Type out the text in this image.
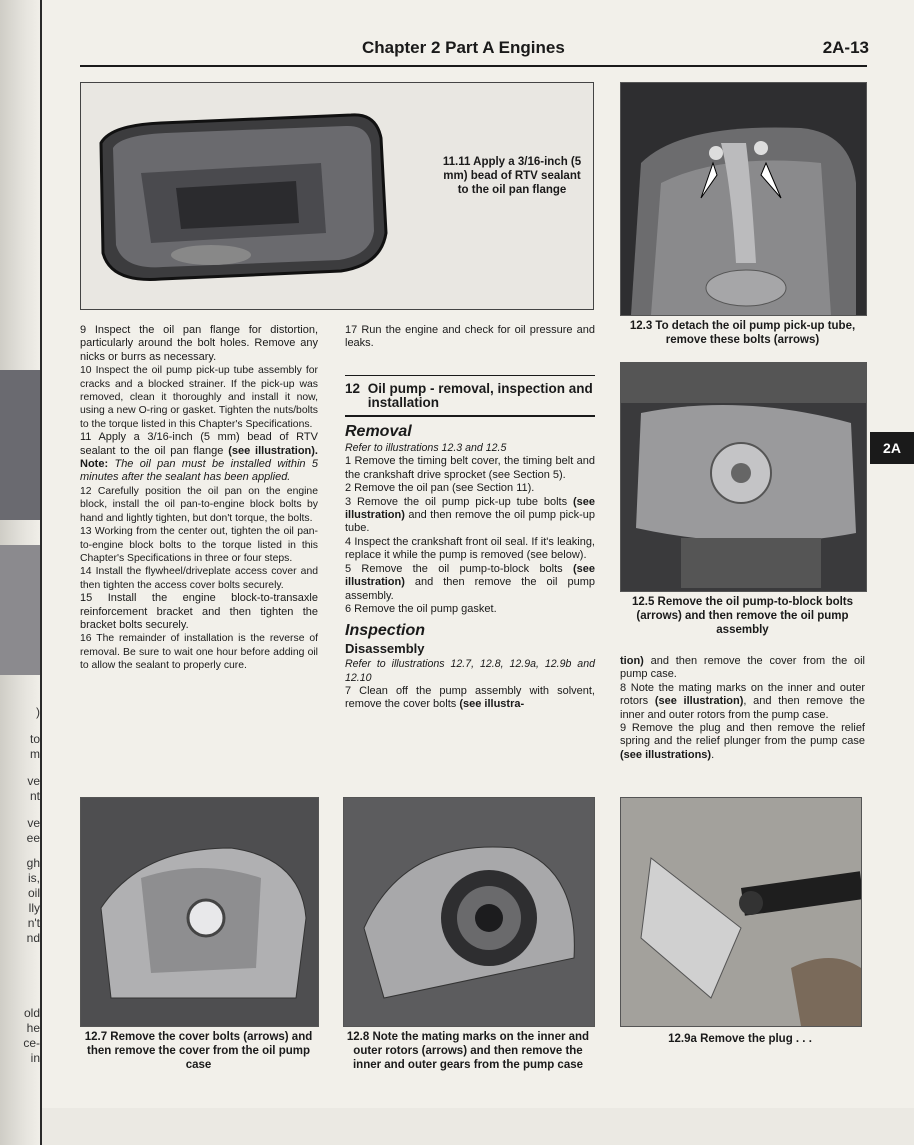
)
to
m
ve
nt
ve
ee
gh
is,
oil
lly
n't
nd
old
he
ce-
in
Chapter 2 Part A Engines	2A-13
2A
11.11 Apply a 3/16-inch (5 mm) bead of RTV sealant to the oil pan flange
12.3 To detach the oil pump pick-up tube, remove these bolts (arrows)
12.5 Remove the oil pump-to-block bolts (arrows) and then remove the oil pump assembly

9 Inspect the oil pan flange for distortion, particularly around the bolt holes. Remove any nicks or burrs as necessary.

10 Inspect the oil pump pick-up tube assembly for cracks and a blocked strainer. If the pick-up was removed, clean it thoroughly and install it now, using a new O-ring or gasket. Tighten the nuts/bolts to the torque listed in this Chapter's Specifications.

11 Apply a 3/16-inch (5 mm) bead of RTV sealant to the oil pan flange (see illustration). Note: The oil pan must be installed within 5 minutes after the sealant has been applied.

12 Carefully position the oil pan on the engine block, install the oil pan-to-engine block bolts by hand and lightly tighten, but don't torque, the bolts.

13 Working from the center out, tighten the oil pan-to-engine block bolts to the torque listed in this Chapter's Specifications in three or four steps.

14 Install the flywheel/driveplate access cover and then tighten the access cover bolts securely.

15 Install the engine block-to-transaxle reinforcement bracket and then tighten the bracket bolts securely.

16 The remainder of installation is the reverse of removal. Be sure to wait one hour before adding oil to allow the sealant to properly cure.

17 Run the engine and check for oil pressure and leaks.

12 Oil pump - removal, inspection and installation
Removal

Refer to illustrations 12.3 and 12.5

1 Remove the timing belt cover, the timing belt and the crankshaft drive sprocket (see Section 5).

2 Remove the oil pan (see Section 11).

3 Remove the oil pump pick-up tube bolts (see illustration) and then remove the oil pump pick-up tube.

4 Inspect the crankshaft front oil seal. If it's leaking, replace it while the pump is removed (see below).

5 Remove the oil pump-to-block bolts (see illustration) and then remove the oil pump assembly.

6 Remove the oil pump gasket.

Inspection
Disassembly

Refer to illustrations 12.7, 12.8, 12.9a, 12.9b and 12.10

7 Clean off the pump assembly with solvent, remove the cover bolts (see illustra-

tion) and then remove the cover from the oil pump case.

8 Note the mating marks on the inner and outer rotors (see illustration), and then remove the inner and outer rotors from the pump case.

9 Remove the plug and then remove the relief spring and the relief plunger from the pump case (see illustrations).

12.7 Remove the cover bolts (arrows) and then remove the cover from the oil pump case
12.8 Note the mating marks on the inner and outer rotors (arrows) and then remove the inner and outer gears from the pump case
12.9a Remove the plug . . .
